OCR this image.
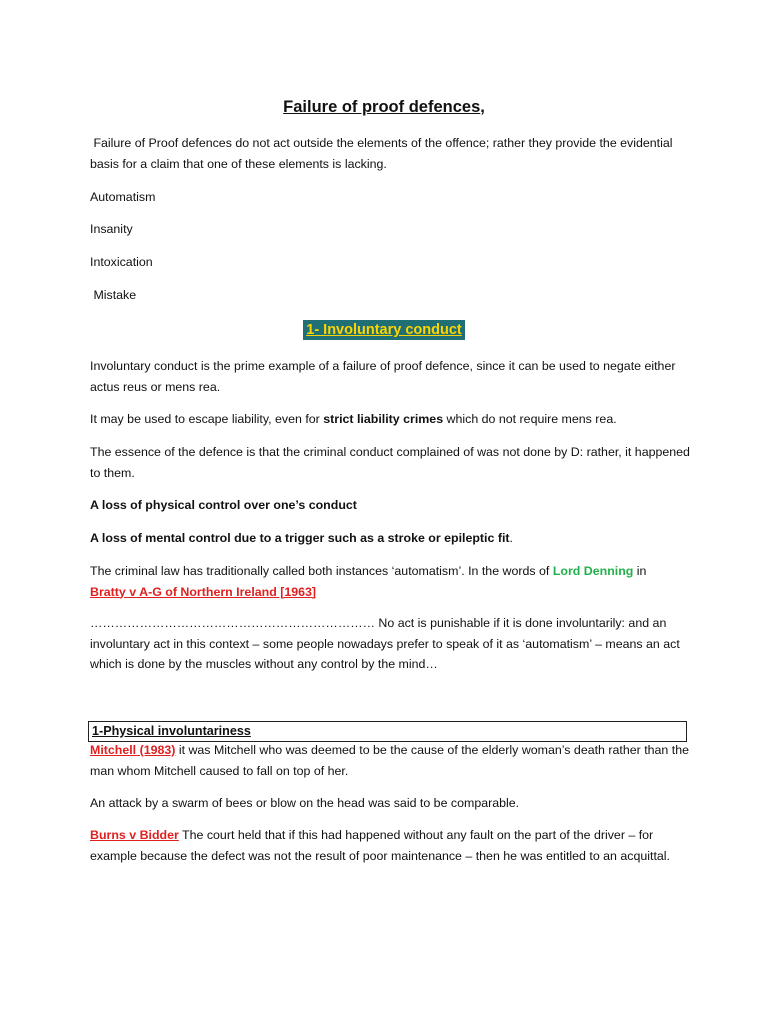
Failure of proof defences,

Failure of Proof defences do not act outside the elements of the offence; rather they provide the evidential basis for a claim that one of these elements is lacking.

Automatism

Insanity

Intoxication

Mistake

1- Involuntary conduct

Involuntary conduct is the prime example of a failure of proof defence, since it can be used to negate either actus reus or mens rea.

It may be used to escape liability, even for strict liability crimes which do not require mens rea.

The essence of the defence is that the criminal conduct complained of was not done by D: rather, it happened to them.

A loss of physical control over one’s conduct

A loss of mental control due to a trigger such as a stroke or epileptic fit.

The criminal law has traditionally called both instances ‘automatism’. In the words of Lord Denning in
Bratty v A-G of Northern Ireland [1963]

…………………………………………………………… No act is punishable if it is done involuntarily: and an involuntary act in this context – some people nowadays prefer to speak of it as ‘automatism’ – means an act which is done by the muscles without any control by the mind…

1-Physical involuntariness

Mitchell (1983) it was Mitchell who was deemed to be the cause of the elderly woman’s death rather than the man whom Mitchell caused to fall on top of her.

An attack by a swarm of bees or blow on the head was said to be comparable.

Burns v Bidder The court held that if this had happened without any fault on the part of the driver – for example because the defect was not the result of poor maintenance – then he was entitled to an acquittal.
